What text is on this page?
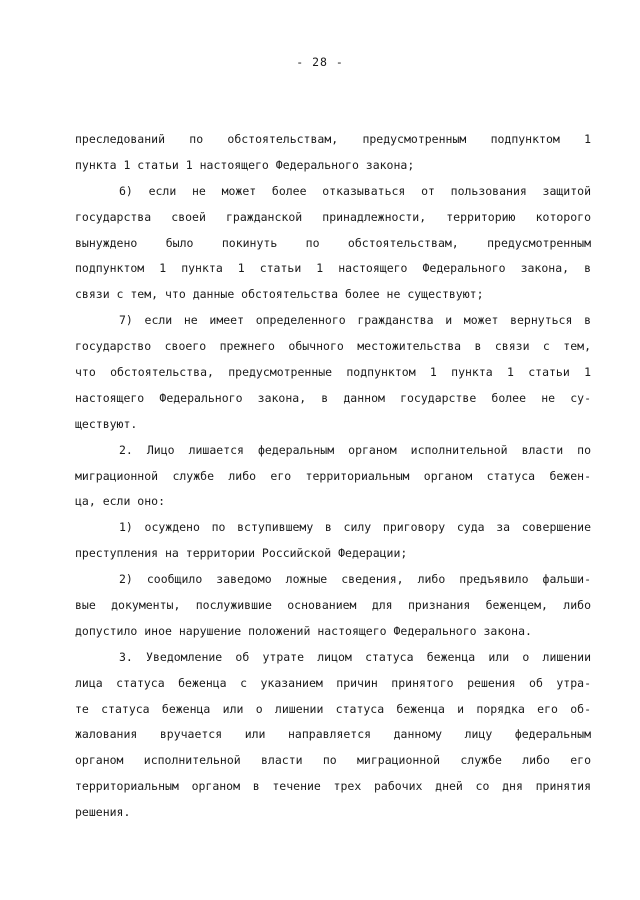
- 28 -
преследований по обстоятельствам, предусмотренным подпунктом 1
пункта 1 статьи 1 настоящего Федерального закона;
6) если не может более отказываться от пользования защитой
государства своей гражданской принадлежности, территорию которого
вынуждено было покинуть по обстоятельствам, предусмотренным
подпунктом 1 пункта 1 статьи 1 настоящего Федерального закона, в
связи с тем, что данные обстоятельства более не существуют;
7) если не имеет определенного гражданства и может вернуться в
государство своего прежнего обычного местожительства в связи с тем,
что обстоятельства, предусмотренные подпунктом 1 пункта 1 статьи 1
настоящего Федерального закона, в данном государстве более не су-
ществуют.
2. Лицо лишается федеральным органом исполнительной власти по
миграционной службе либо его территориальным органом статуса бежен-
ца, если оно:
1) осуждено по вступившему в силу приговору суда за совершение
преступления на территории Российской Федерации;
2) сообщило заведомо ложные сведения, либо предъявило фальши-
вые документы, послужившие основанием для признания беженцем, либо
допустило иное нарушение положений настоящего Федерального закона.
3. Уведомление об утрате лицом статуса беженца или о лишении
лица статуса беженца с указанием причин принятого решения об утра-
те статуса беженца или о лишении статуса беженца и порядка его об-
жалования вручается или направляется данному лицу федеральным
органом исполнительной власти по миграционной службе либо его
территориальным органом в течение трех рабочих дней со дня принятия
решения.
